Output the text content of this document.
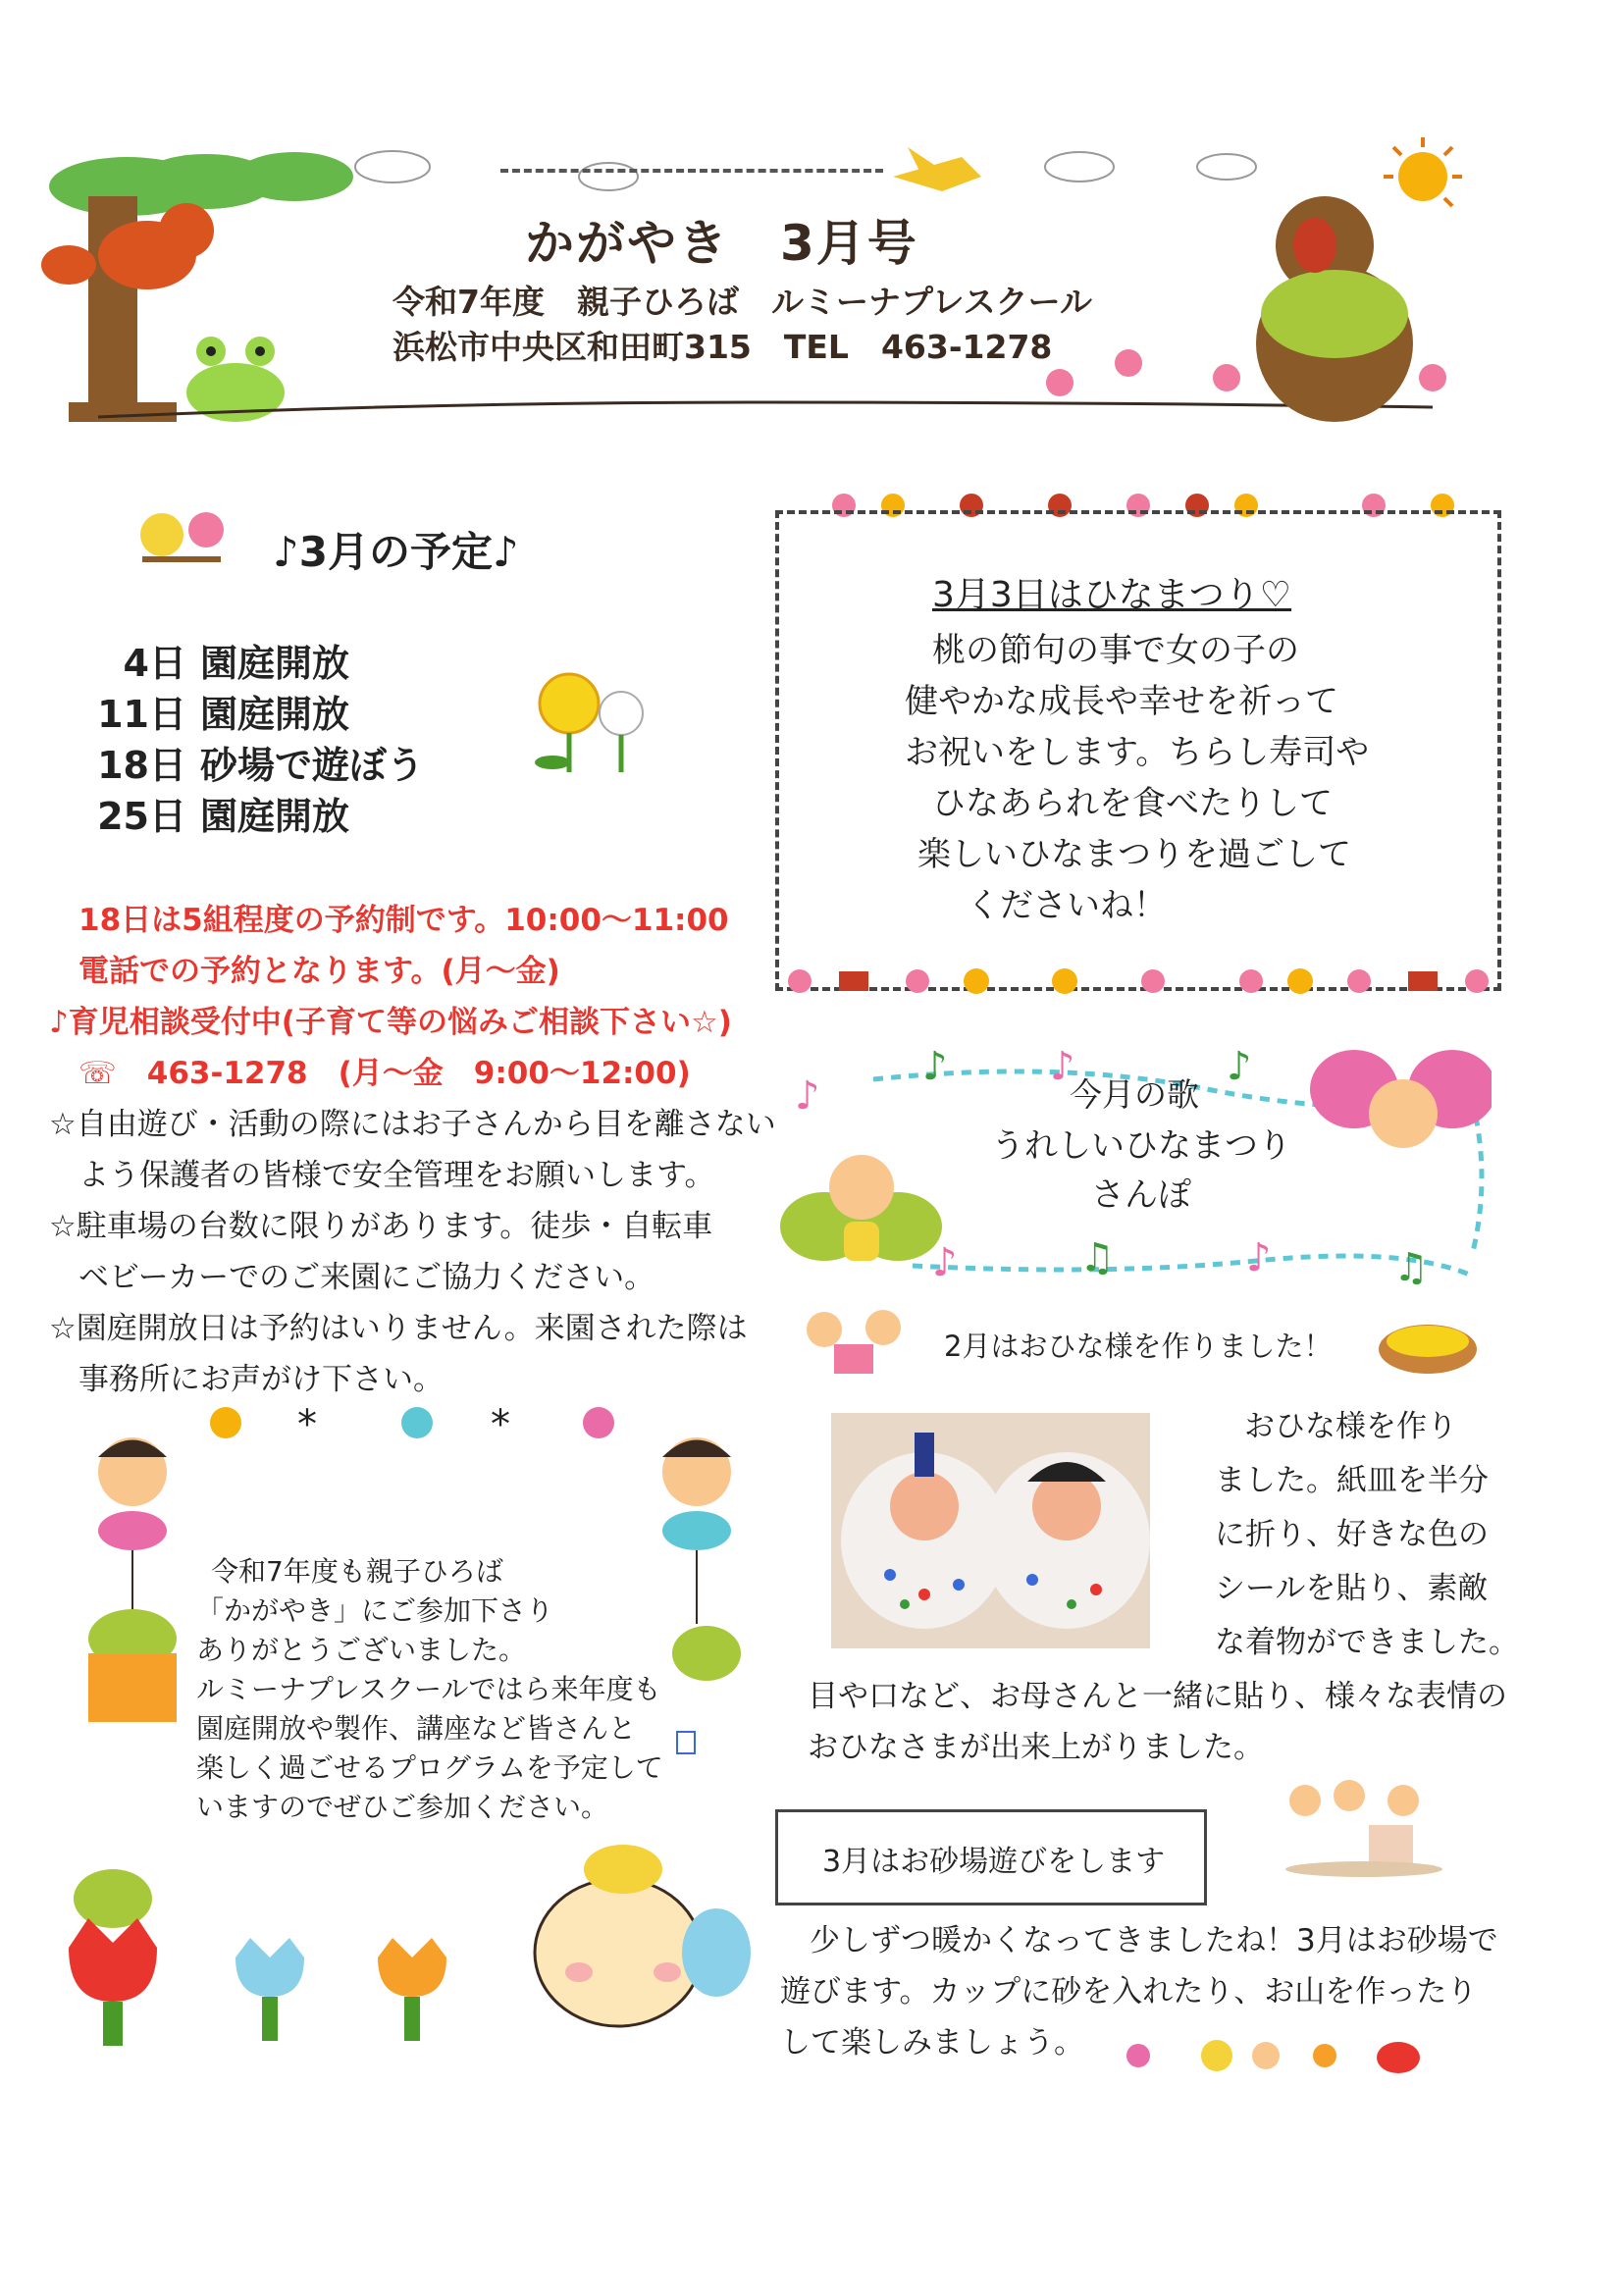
かがやき　3月号
令和7年度　親子ひろば　ルミーナプレスクール
浜松市中央区和田町315　TEL　463-1278
♪3月の予定♪
4日 園庭開放
11日 園庭開放
18日 砂場で遊ぼう
25日 園庭開放
18日は5組程度の予約制です。10:00～11:00
電話での予約となります。(月～金)
♪育児相談受付中(子育て等の悩みご相談下さい☆)
☏　463-1278　(月～金　9:00～12:00)
☆自由遊び・活動の際にはお子さんから目を離さない
よう保護者の皆様で安全管理をお願いします。
☆駐車場の台数に限りがあります。徒歩・自転車
ベビーカーでのご来園にご協力ください。
☆園庭開放日は予約はいりません。来園された際は
事務所にお声がけ下さい。
3月3日はひなまつり♡
桃の節句の事で女の子の
健やかな成長や幸せを祈って
お祝いをします。ちらし寿司や
ひなあられを食べたりして
楽しいひなまつりを過ごして
くださいね！
♪
♪	♪	♪
♪	♫	♪	♫
今月の歌
うれしいひなまつり
さんぽ
2月はおひな様を作りました！
おひな様を作り
ました。紙皿を半分
に折り、好きな色の
シールを貼り、素敵
な着物ができました。
目や口など、お母さんと一緒に貼り、様々な表情の
おひなさまが出来上がりました。
*	*
令和7年度も親子ひろば
「かがやき」にご参加下さり
ありがとうございました。
ルミーナプレスクールではら来年度も
園庭開放や製作、講座など皆さんと
楽しく過ごせるプログラムを予定して
いますのでぜひご参加ください。
3月はお砂場遊びをします
少しずつ暖かくなってきましたね！3月はお砂場で
遊びます。カップに砂を入れたり、お山を作ったり
して楽しみましょう。
